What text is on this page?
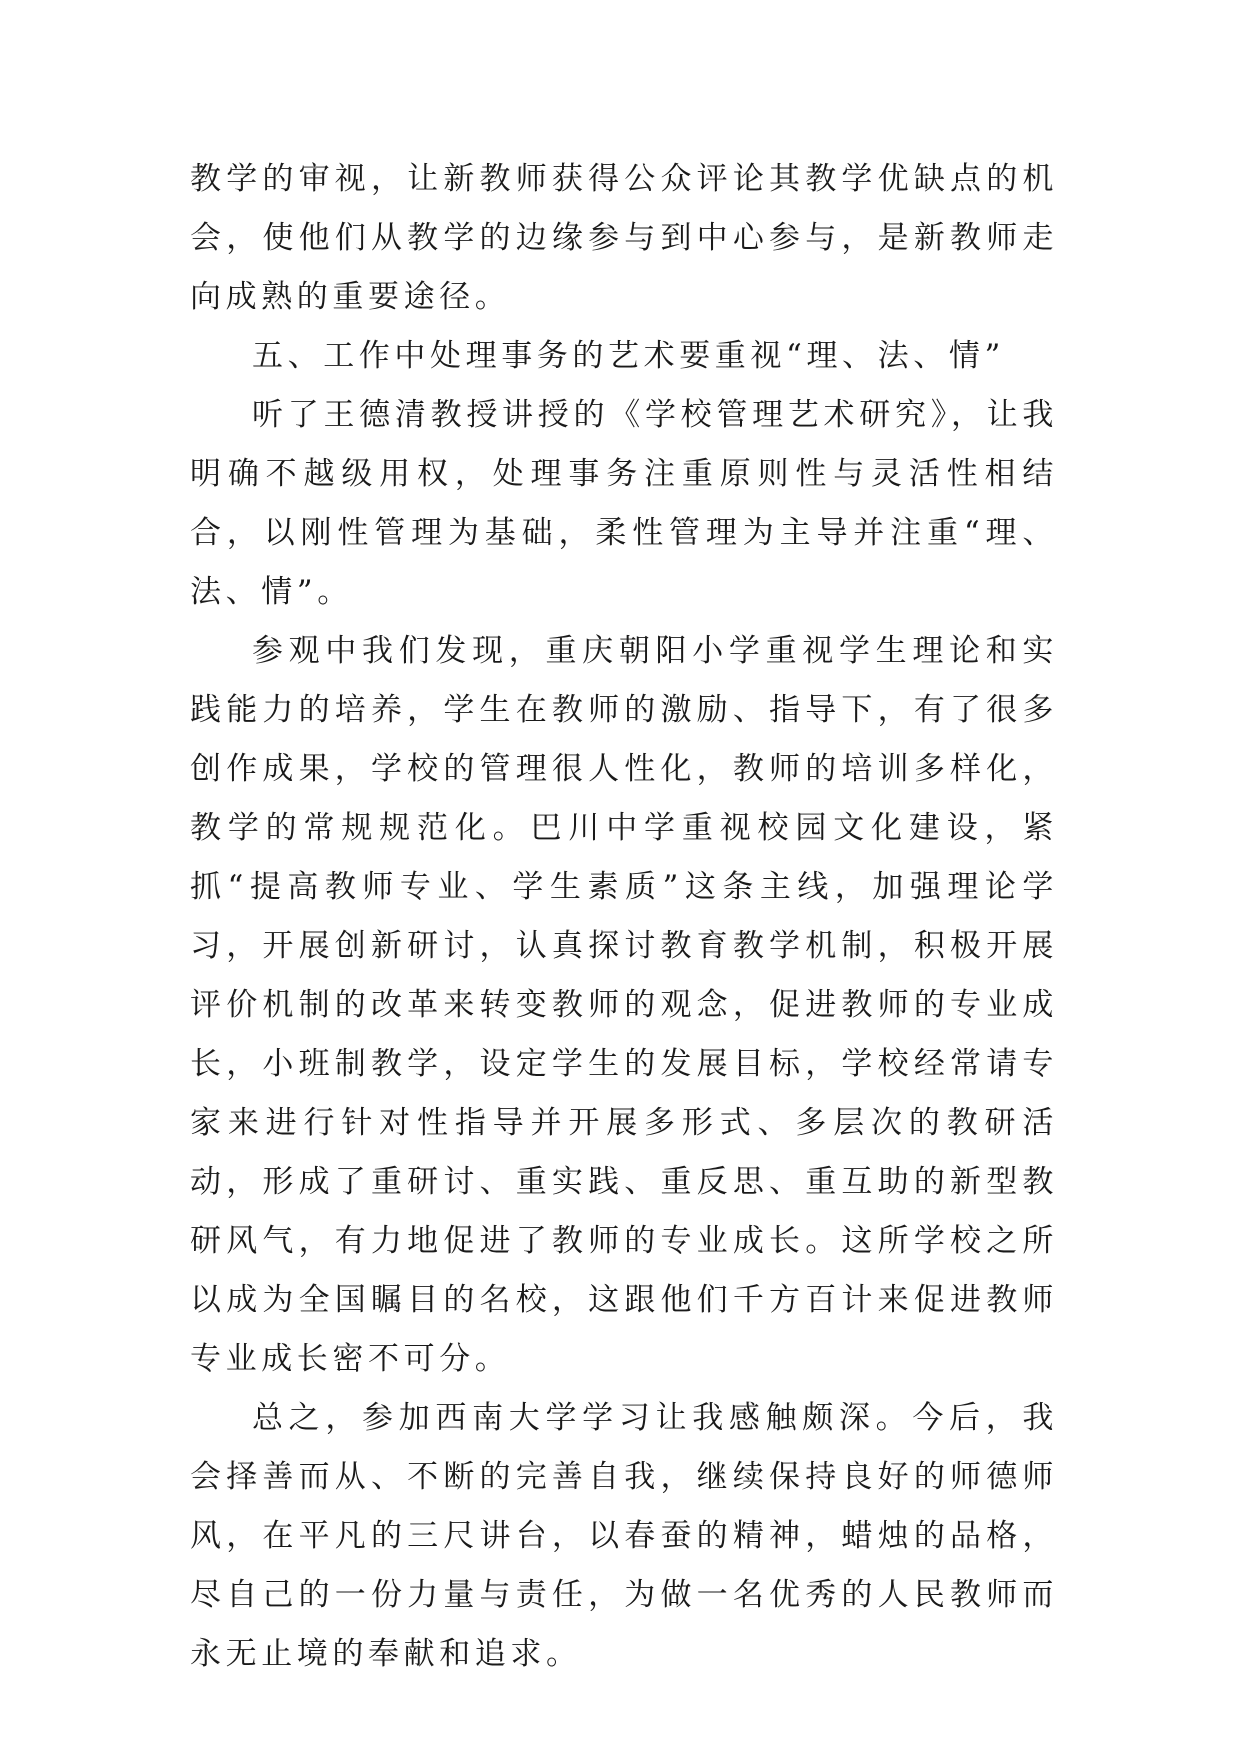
教学的审视，让新教师获得公众评论其教学优缺点的机会，使他们从教学的边缘参与到中心参与，是新教师走向成熟的重要途径。

五、工作中处理事务的艺术要重视“理、法、情”

听了王德清教授讲授的《学校管理艺术研究》，让我明确不越级用权，处理事务注重原则性与灵活性相结合，以刚性管理为基础，柔性管理为主导并注重“理、法、情”。

参观中我们发现，重庆朝阳小学重视学生理论和实践能力的培养，学生在教师的激励、指导下，有了很多创作成果，学校的管理很人性化，教师的培训多样化，教学的常规规范化。巴川中学重视校园文化建设，紧抓“提高教师专业、学生素质”这条主线，加强理论学习，开展创新研讨，认真探讨教育教学机制，积极开展评价机制的改革来转变教师的观念，促进教师的专业成长，小班制教学，设定学生的发展目标，学校经常请专家来进行针对性指导并开展多形式、多层次的教研活动，形成了重研讨、重实践、重反思、重互助的新型教研风气，有力地促进了教师的专业成长。这所学校之所以成为全国瞩目的名校，这跟他们千方百计来促进教师专业成长密不可分。

总之，参加西南大学学习让我感触颇深。今后，我会择善而从、不断的完善自我，继续保持良好的师德师风，在平凡的三尺讲台，以春蚕的精神，蜡烛的品格，尽自己的一份力量与责任，为做一名优秀的人民教师而永无止境的奉献和追求。
